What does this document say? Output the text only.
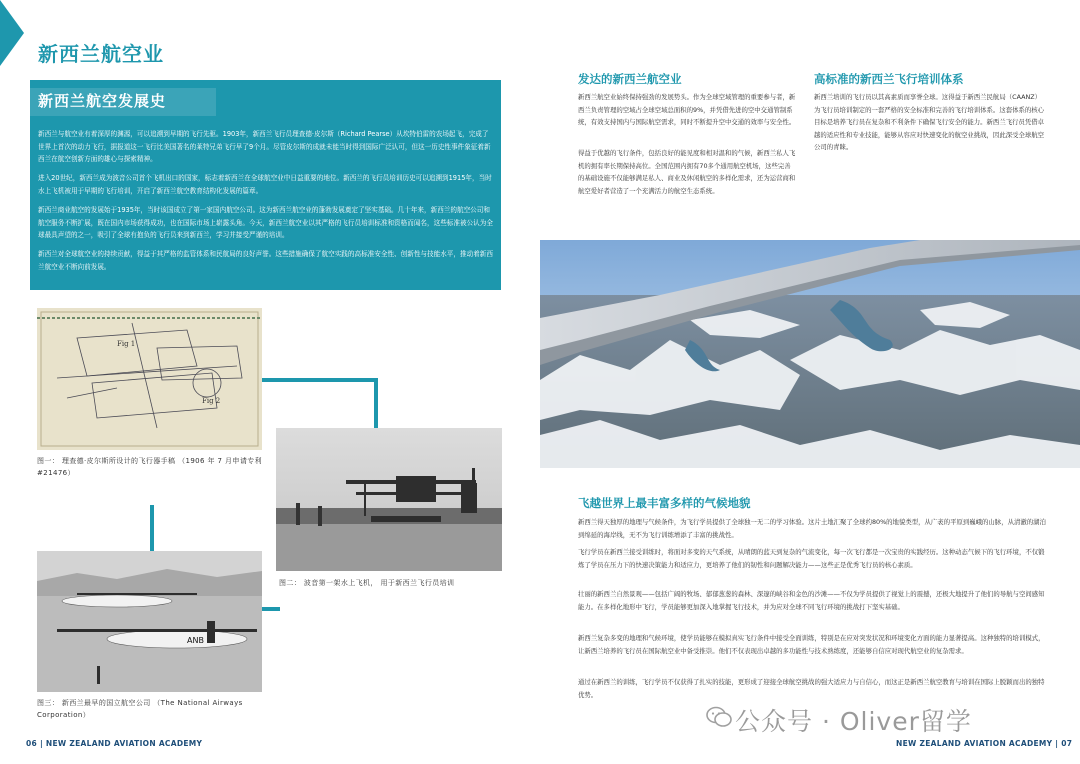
新西兰航空业
新西兰航空发展史
新西兰与航空业有着深厚的渊源，可以追溯到早期的飞行先驱。1903年，新西兰飞行员理查德·皮尔斯（Richard Pearse）从坎特伯雷的农场起飞，完成了世界上首次的动力飞行，据报道这一飞行比美国著名的莱特兄弟飞行早了9个月。尽管皮尔斯的成就未能当时得到国际广泛认可，但这一历史性事件象征着新西兰在航空创新方面的雄心与探索精神。
进入20世纪，新西兰成为波音公司首个飞机出口的国家，标志着新西兰在全球航空业中日益重要的地位。新西兰的飞行员培训历史可以追溯到1915年，当时水上飞机被用于早期的飞行培训，开启了新西兰航空教育结构化发展的篇章。
新西兰商业航空的发展始于1935年，当时该国成立了第一家国内航空公司。这为新西兰航空业的蓬勃发展奠定了坚实基础。几十年来，新西兰的航空公司和航空服务不断扩展，既在国内市场获得成功，也在国际市场上崭露头角。今天，新西兰航空业以其严格的飞行员培训标准和资格而闻名，这些标准被公认为全球最具声望的之一，吸引了全球有抱负的飞行员来到新西兰，学习并接受严谨的培训。
新西兰对全球航空业的持续贡献，得益于其严格的监管体系和民航局的良好声誉。这些措施确保了航空实践的高标准安全性、创新性与技能水平，推动着新西兰航空业不断向前发展。
Fig 1
Fig 2
图一： 理查德·皮尔斯所设计的飞行器手稿 （1906 年 7 月申请专利 #21476）
图二： 波音第一架水上飞机， 用于新西兰飞行员培训
ANB
图三： 新西兰最早的国立航空公司 （The National Airways Corporation）
06 | NEW ZEALAND AVIATION ACADEMY
发达的新西兰航空业
新西兰航空业始终保持强劲的发展势头。作为全球空域管理的重要参与者，新西兰负责管理的空域占全球空域总面积的9%，并凭借先进的空中交通管制系统，有效支持国内与国际航空需求，同时不断提升空中交通的效率与安全性。
得益于优越的飞行条件，包括良好的能见度和相对温和的气候，新西兰私人飞机的拥有率长期保持高位。全国范围内拥有70多个通用航空机场，这些完善的基础设施不仅能够满足私人、商业及休闲航空的多样化需求，还为运营商和航空爱好者营造了一个充满活力的航空生态系统。
高标准的新西兰飞行培训体系
新西兰培训的飞行员以其高素质而享誉全球。这得益于新西兰民航局（CAANZ）为飞行员培训制定的一套严格的安全标准和完善的飞行培训体系。这套体系的核心目标是培养飞行员在复杂和不利条件下确保飞行安全的能力。新西兰飞行员凭借卓越的适应性和专业技能，能够从容应对快速变化的航空业挑战，因此深受全球航空公司的青睐。
飞越世界上最丰富多样的气候地貌
新西兰得天独厚的地理与气候条件，为飞行学员提供了全球独一无二的学习体验。这片土地汇聚了全球约80%的地貌类型，从广袤的平原到巍峨的山脉，从清澈的湖泊到绵延的海岸线，无不为飞行训练增添了丰富的挑战性。
飞行学员在新西兰接受训练时，将面对多变的天气系统，从晴朗的蓝天到复杂的气流变化，每一次飞行都是一次宝贵的实践经历。这种动态气候下的飞行环境，不仅锻炼了学员在压力下的快速决策能力和适应力，更培养了他们的韧性和问题解决能力——这些正是优秀飞行员的核心素质。
壮丽的新西兰自然景观——包括广阔的牧场、郁郁葱葱的森林、深邃的峡谷和金色的沙滩——不仅为学员提供了视觉上的震撼，还极大地提升了他们的导航与空间感知能力。在多样化地形中飞行，学员能够更加深入地掌握飞行技术，并为应对全球不同飞行环境的挑战打下坚实基础。
新西兰复杂多变的地理和气候环境，使学员能够在模拟真实飞行条件中接受全面训练，特别是在应对突发状况和环境变化方面的能力显著提高。这种独特的培训模式，让新西兰培养的飞行员在国际航空业中备受推崇。他们不仅表现出卓越的多功能性与技术熟练度，还能够自信应对现代航空业的复杂需求。
通过在新西兰的训练，飞行学员不仅获得了扎实的技能，更形成了迎接全球航空挑战的强大适应力与自信心，而这正是新西兰航空教育与培训在国际上脱颖而出的独特优势。
NEW ZEALAND AVIATION ACADEMY | 07
公众号 · Oliver留学
